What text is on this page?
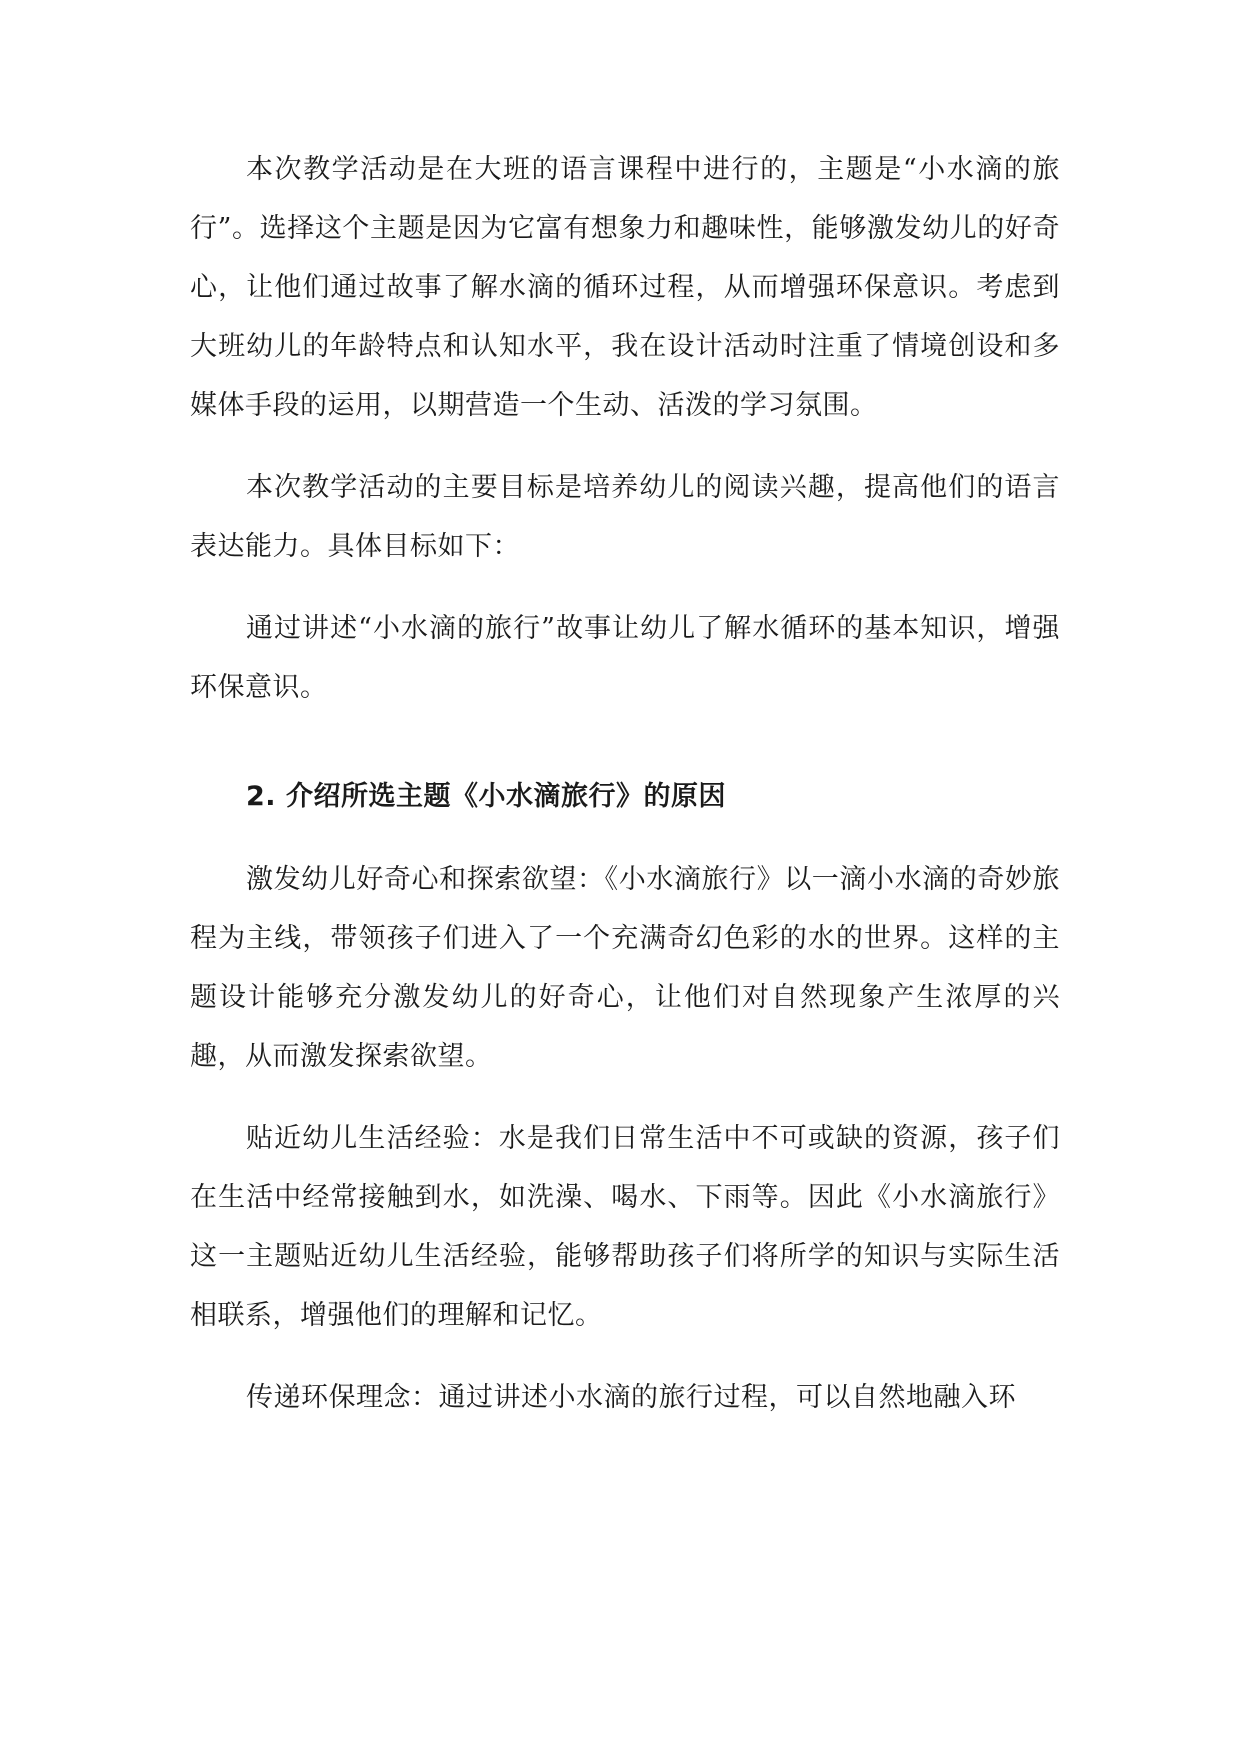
本次教学活动是在大班的语言课程中进行的，主题是“小水滴的旅行”。选择这个主题是因为它富有想象力和趣味性，能够激发幼儿的好奇心，让他们通过故事了解水滴的循环过程，从而增强环保意识。考虑到大班幼儿的年龄特点和认知水平，我在设计活动时注重了情境创设和多媒体手段的运用，以期营造一个生动、活泼的学习氛围。

本次教学活动的主要目标是培养幼儿的阅读兴趣，提高他们的语言表达能力。具体目标如下：

通过讲述“小水滴的旅行”故事让幼儿了解水循环的基本知识，增强环保意识。

2. 介绍所选主题《小水滴旅行》的原因

激发幼儿好奇心和探索欲望：《小水滴旅行》以一滴小水滴的奇妙旅程为主线，带领孩子们进入了一个充满奇幻色彩的水的世界。这样的主题设计能够充分激发幼儿的好奇心，让他们对自然现象产生浓厚的兴趣，从而激发探索欲望。

贴近幼儿生活经验：水是我们日常生活中不可或缺的资源，孩子们在生活中经常接触到水，如洗澡、喝水、下雨等。因此《小水滴旅行》这一主题贴近幼儿生活经验，能够帮助孩子们将所学的知识与实际生活相联系，增强他们的理解和记忆。

传递环保理念：通过讲述小水滴的旅行过程，可以自然地融入环
